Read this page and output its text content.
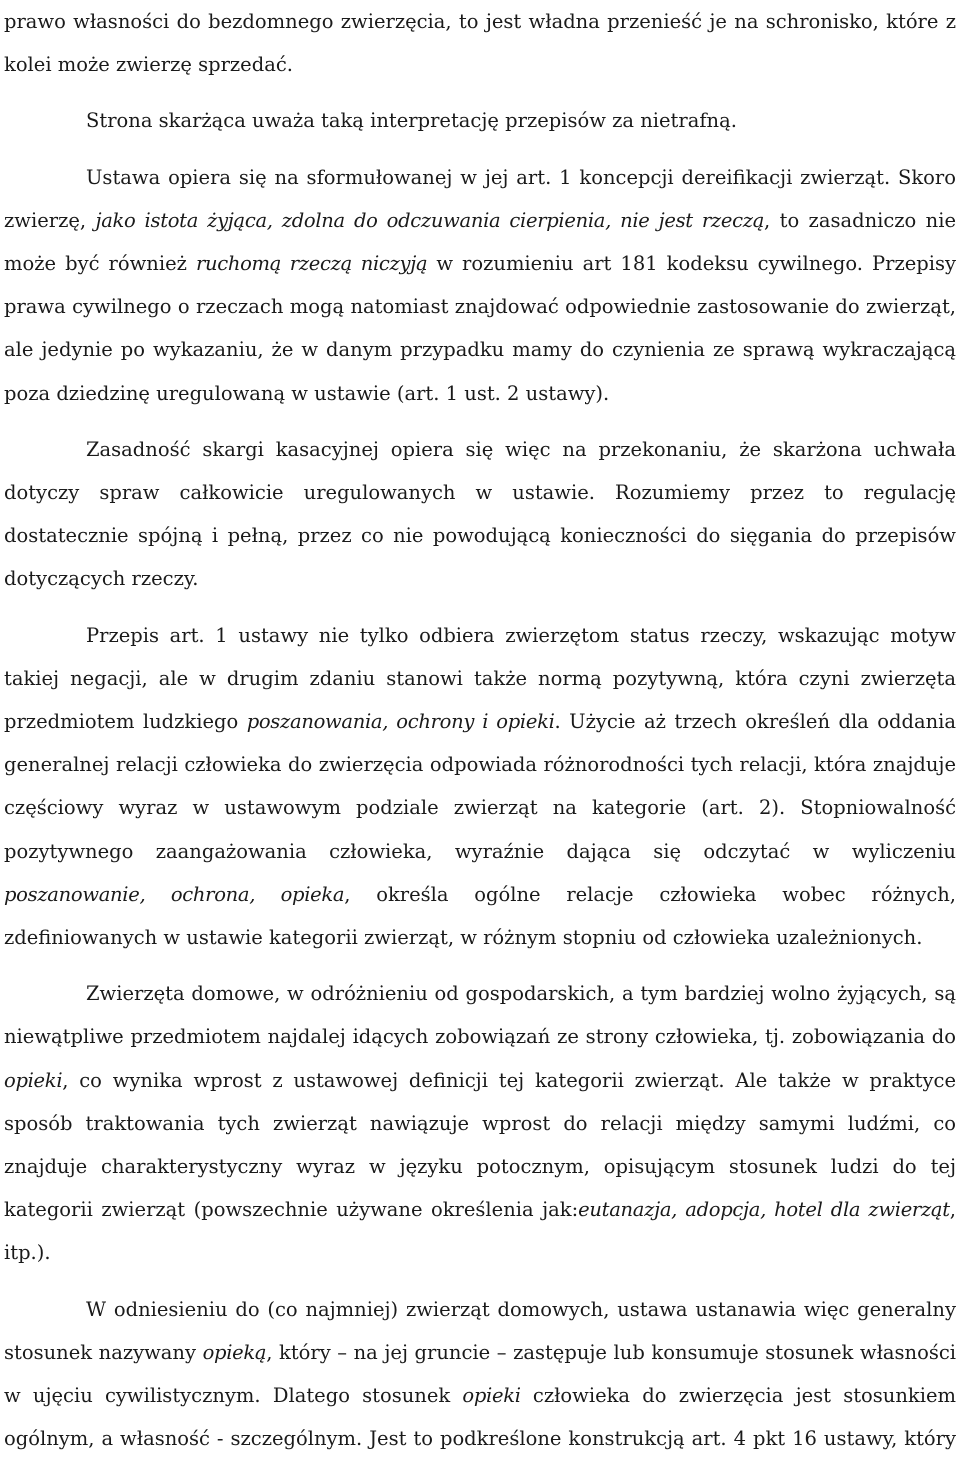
prawo własności do bezdomnego zwierzęcia, to jest władna przenieść je na schronisko, które z kolei może zwierzę sprzedać.

Strona skarżąca uważa taką interpretację przepisów za nietrafną.

Ustawa opiera się na sformułowanej w jej art. 1 koncepcji dereifikacji zwierząt. Skoro zwierzę, jako istota żyjąca, zdolna do odczuwania cierpienia, nie jest rzeczą, to zasadniczo nie może być również ruchomą rzeczą niczyją w rozumieniu art 181 kodeksu cywilnego. Przepisy prawa cywilnego o rzeczach mogą natomiast znajdować odpowiednie zastosowanie do zwierząt, ale jedynie po wykazaniu, że w danym przypadku mamy do czynienia ze sprawą wykraczającą poza dziedzinę uregulowaną w ustawie (art. 1 ust. 2 ustawy).

Zasadność skargi kasacyjnej opiera się więc na przekonaniu, że skarżona uchwała dotyczy spraw całkowicie uregulowanych w ustawie. Rozumiemy przez to regulację dostatecznie spójną i pełną, przez co nie powodującą konieczności do sięgania do przepisów dotyczących rzeczy.

Przepis art. 1 ustawy nie tylko odbiera zwierzętom status rzeczy, wskazując motyw takiej negacji, ale w drugim zdaniu stanowi także normą pozytywną, która czyni zwierzęta przedmiotem ludzkiego poszanowania, ochrony i opieki. Użycie aż trzech określeń dla oddania generalnej relacji człowieka do zwierzęcia odpowiada różnorodności tych relacji, która znajduje częściowy wyraz w ustawowym podziale zwierząt na kategorie (art. 2). Stopniowalność pozytywnego zaangażowania człowieka, wyraźnie dająca się odczytać w wyliczeniu poszanowanie, ochrona, opieka, określa ogólne relacje człowieka wobec różnych, zdefiniowanych w ustawie kategorii zwierząt, w różnym stopniu od człowieka uzależnionych.

Zwierzęta domowe, w odróżnieniu od gospodarskich, a tym bardziej wolno żyjących, są niewątpliwe przedmiotem najdalej idących zobowiązań ze strony człowieka, tj. zobowiązania do opieki, co wynika wprost z ustawowej definicji tej kategorii zwierząt. Ale także w praktyce sposób traktowania tych zwierząt nawiązuje wprost do relacji między samymi ludźmi, co znajduje charakterystyczny wyraz w języku potocznym, opisującym stosunek ludzi do tej kategorii zwierząt (powszechnie używane określenia jak:eutanazja, adopcja, hotel dla zwierząt, itp.).

W odniesieniu do (co najmniej) zwierząt domowych, ustawa ustanawia więc generalny stosunek nazywany opieką, który – na jej gruncie – zastępuje lub konsumuje stosunek własności w ujęciu cywilistycznym. Dlatego stosunek opieki człowieka do zwierzęcia jest stosunkiem ogólnym, a własność - szczególnym. Jest to podkreślone konstrukcją art. 4 pkt 16 ustawy, który
